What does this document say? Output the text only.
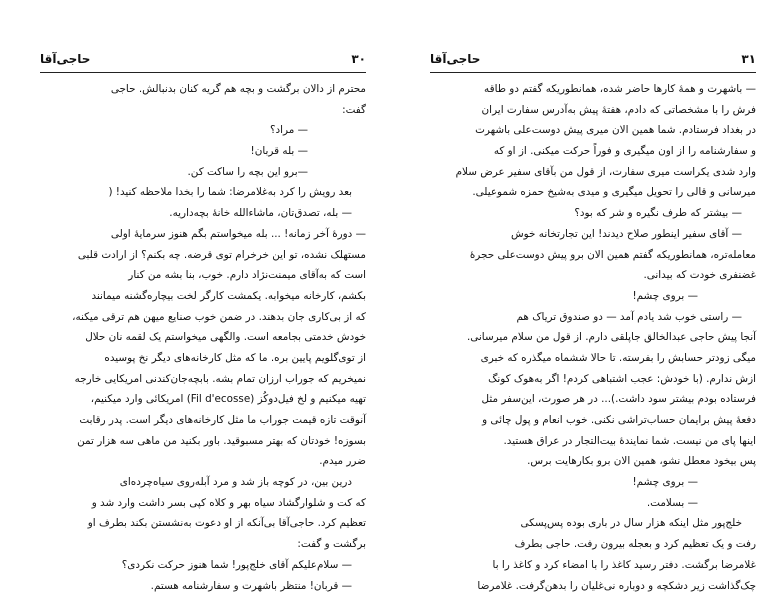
۳۰
حاجی‌آقا
محترم از دالان برگشت و بچه هم گریه کنان بدنبالش. حاجی
گفت:
— مراد؟
— بله قربان!
—برو این بچه را ساکت کن.
بعد رویش را کرد به‌غلامرضا: شما را بخدا ملاحظه کنید! (
— بله، تصدق‌تان، ماشاءالله خانهٔ بچه‌داریه.
— دورهٔ آخر زمانه! ... بله میخواستم بگم هنوز سرمایهٔ اولی
مستهلک نشده، تو این خرخرام توی قرضه. چه بکنم؟ از ارادت قلبی
است که به‌آقای میمنت‌نژاد دارم. خوب، بنا بشه من کنار
بکشم، کارخانه میخوابه. یکمشت کارگر لخت بیچاره‌گشنه میمانند
که از بی‌کاری جان بدهند. در ضمن خوب صنایع میهن هم ترقی میکنه،
خودش خدمتی بجامعه است. والگهی میخواستم یک لقمه نان حلال
از توی‌گلویم پایین بره. ما که مثل کارخانه‌های دیگر نخ پوسیده
نمیخریم که جوراب ارزان تمام بشه. با‌بچه‌جان‌کندنی امریکایی خارجه
تهیه میکنیم و لخ فیل‌دوکُز (Fil d'ecosse) امریکائی وارد میکنیم،
آنوقت تازه قیمت جوراب ما مثل کارخانه‌های دیگر است. پدر رقابت
بسوزه! خودتان که بهتر مسبوقید. باور بکنید من ماهی سه هزار تمن
ضرر میدم.
درین بین، در کوچه باز شد و مرد آبله‌روی سیاه‌چرده‌ای
که کت و شلوارگشاد سیاه بهر و کلاه کپی بسر داشت وارد شد و
تعظیم کرد. حاجی‌آقا بی‌آنکه از او دعوت به‌نشستن بکند بطرف او
برگشت و گفت:
— سلام‌علیکم آقای خلج‌پور! شما هنوز حرکت نکردی؟
— قربان! منتظر باشهرت و سفارشنامه هستم.
۳۱
حاجی‌آقا
— باشهرت و همهٔ کارها حاضر شده، همانطوریکه گفتم دو طاقه
فرش را با مشخصاتی که دادم، هفتهٔ پیش به‌آدرس سفارت ایران
در بغداد فرستادم. شما همین الان میری پیش دوست‌علی باشهرت
و سفارشنامه را از اون میگیری و فوراً حرکت میکنی. از او که
وارد شدی یکراست میری سفارت، از قول من بآقای سفیر عرض سلام
میرسانی و قالی را تحویل میگیری و میدی به‌شیخ حمزه شموعیلی.
— بیشتر که طرف نگیره و شر که بود؟
— آقای سفیر اینطور صلاح دیدند! این تجارتخانه خوش
معامله‌تره، همانطوریکه گفتم همین الان برو پیش دوست‌علی حجرهٔ
غضنفری خودت که بیدانی.
— بروی چشم!
— راستی خوب شد یادم آمد — دو صندوق تریاک هم
آنجا پیش حاجی عبدالخالق جاپلقی دارم. از قول من سلام میرسانی.
میگی زودتر حسابش را بفرسته. تا حالا ششماه میگذره که خبری
ازش ندارم. (با خودش: عجب اشتباهی کردم! اگر به‌هوک کونگ
فرستاده بودم بیشتر سود داشت.)... در هر صورت، این‌سفر مثل
دفعهٔ پیش برایمان حساب‌تراشی نکنی. خوب انعام و پول چائی و
اینها پای من نیست. شما نمایندهٔ بیت‌التجار در عراق هستید.
پس بیخود معطل نشو، همین الان برو بکارهایت برس.
— بروی چشم!
— بسلامت.
خلج‌پور مثل اینکه هزار سال در باری بوده پس‌پسکی
رفت و یک تعظیم کرد و بعجله بیرون رفت. حاجی بطرف
غلامرضا برگشت. دفتر رسید کاغذ را با امضاء کرد و کاغذ را با
چک‌گذاشت زیر دشکچه و دوباره نی‌غلیان را بدهن‌گرفت. غلامرضا
